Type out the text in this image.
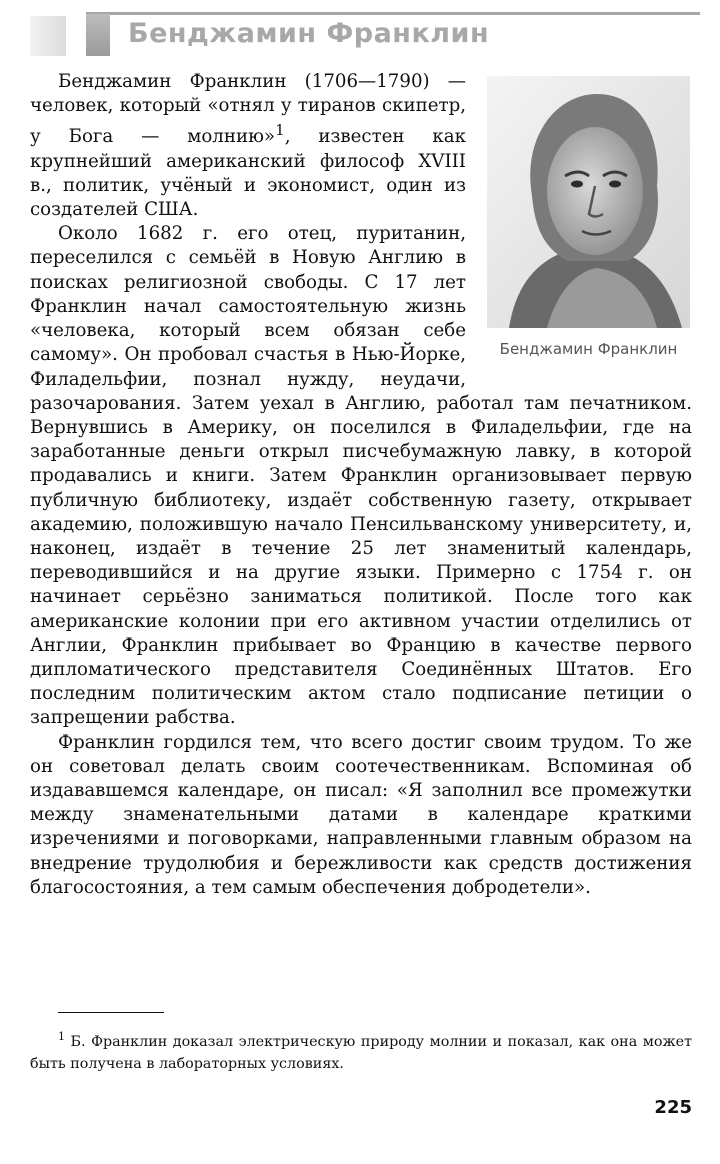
Бенджамин Франклин
Бенджамин Франклин

Бенджамин Франклин (1706—1790) — человек, который «отнял у тиранов скипетр, у Бога — молнию»$^1$, известен как крупнейший американский философ XVIII в., политик, учёный и экономист, один из создателей США.

Около 1682 г. его отец, пуританин, переселился с семьёй в Новую Англию в поисках религиозной свободы. С 17 лет Франклин начал самостоятельную жизнь «человека, который всем обязан себе самому». Он пробовал счастья в Нью-Йорке, Филадельфии, познал нужду, неудачи, разочарования. Затем уехал в Англию, работал там печатником. Вернувшись в Америку, он поселился в Филадельфии, где на заработанные деньги открыл писчебумажную лавку, в которой продавались и книги. Затем Франклин организовывает первую публичную библиотеку, издаёт собственную газету, открывает академию, положившую начало Пенсильванскому университету, и, наконец, издаёт в течение 25 лет знаменитый календарь, переводившийся и на другие языки. Примерно с 1754 г. он начинает серьёзно заниматься политикой. После того как американские колонии при его активном участии отделились от Англии, Франклин прибывает во Францию в качестве первого дипломатического представителя Соединённых Штатов. Его последним политическим актом стало подписание петиции о запрещении рабства.

Франклин гордился тем, что всего достиг своим трудом. То же он советовал делать своим соотечественникам. Вспоминая об издававшемся календаре, он писал: «Я заполнил все промежутки между знаменательными датами в календаре краткими изречениями и поговорками, направленными главным образом на внедрение трудолюбия и бережливости как средств достижения благосостояния, а тем самым обеспечения добродетели».

$^1$ Б. Франклин доказал электрическую природу молнии и показал, как она может быть получена в лабораторных условиях.
225
